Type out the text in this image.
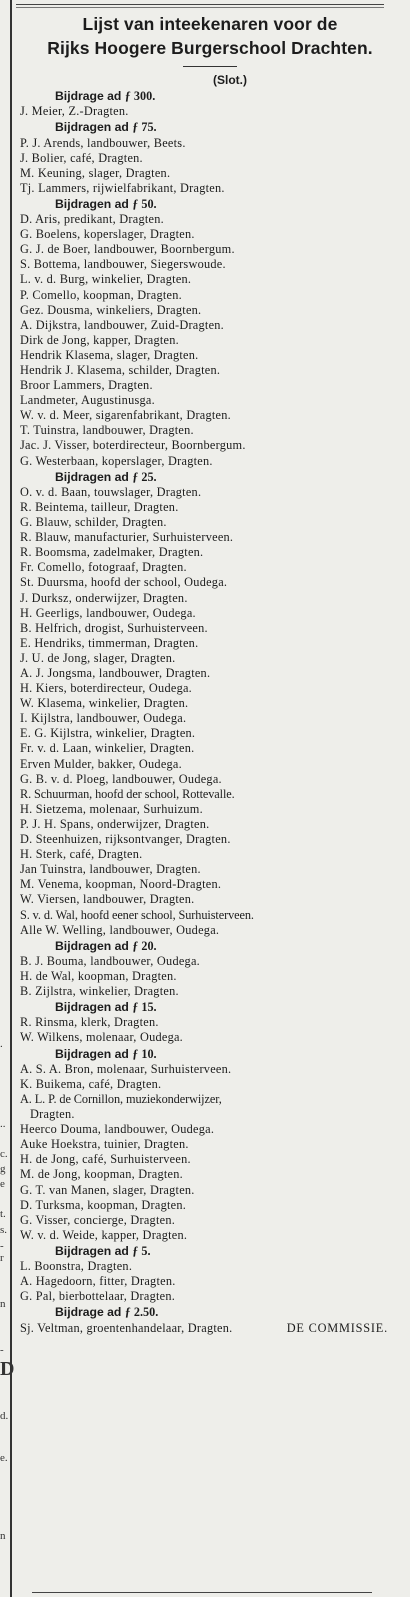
.
..
c.
g
e
t.
s.
-
r
n
-
D
d.
e.
n
Lijst van inteekenaren voor de
Rijks Hoogere Burgerschool Drachten.
(Slot.)
Bijdrage ad ƒ 300.
J. Meier, Z.-Dragten.
Bijdragen ad ƒ 75.
P. J. Arends, landbouwer, Beets.
J. Bolier, café, Dragten.
M. Keuning, slager, Dragten.
Tj. Lammers, rijwielfabrikant, Dragten.
Bijdragen ad ƒ 50.
D. Aris, predikant, Dragten.
G. Boelens, koperslager, Dragten.
G. J. de Boer, landbouwer, Boornbergum.
S. Bottema, landbouwer, Siegerswoude.
L. v. d. Burg, winkelier, Dragten.
P. Comello, koopman, Dragten.
Gez. Dousma, winkeliers, Dragten.
A. Dijkstra, landbouwer, Zuid-Dragten.
Dirk de Jong, kapper, Dragten.
Hendrik Klasema, slager, Dragten.
Hendrik J. Klasema, schilder, Dragten.
Broor Lammers, Dragten.
Landmeter, Augustinusga.
W. v. d. Meer, sigarenfabrikant, Dragten.
T. Tuinstra, landbouwer, Dragten.
Jac. J. Visser, boterdirecteur, Boornbergum.
G. Westerbaan, koperslager, Dragten.
Bijdragen ad ƒ 25.
O. v. d. Baan, touwslager, Dragten.
R. Beintema, tailleur, Dragten.
G. Blauw, schilder, Dragten.
R. Blauw, manufacturier, Surhuisterveen.
R. Boomsma, zadelmaker, Dragten.
Fr. Comello, fotograaf, Dragten.
St. Duursma, hoofd der school, Oudega.
J. Durksz, onderwijzer, Dragten.
H. Geerligs, landbouwer, Oudega.
B. Helfrich, drogist, Surhuisterveen.
E. Hendriks, timmerman, Dragten.
J. U. de Jong, slager, Dragten.
A. J. Jongsma, landbouwer, Dragten.
H. Kiers, boterdirecteur, Oudega.
W. Klasema, winkelier, Dragten.
I. Kijlstra, landbouwer, Oudega.
E. G. Kijlstra, winkelier, Dragten.
Fr. v. d. Laan, winkelier, Dragten.
Erven Mulder, bakker, Oudega.
G. B. v. d. Ploeg, landbouwer, Oudega.
R. Schuurman, hoofd der school, Rottevalle.
H. Sietzema, molenaar, Surhuizum.
P. J. H. Spans, onderwijzer, Dragten.
D. Steenhuizen, rijksontvanger, Dragten.
H. Sterk, café, Dragten.
Jan Tuinstra, landbouwer, Dragten.
M. Venema, koopman, Noord-Dragten.
W. Viersen, landbouwer, Dragten.
S. v. d. Wal, hoofd eener school, Surhuisterveen.
Alle W. Welling, landbouwer, Oudega.
Bijdragen ad ƒ 20.
B. J. Bouma, landbouwer, Oudega.
H. de Wal, koopman, Dragten.
B. Zijlstra, winkelier, Dragten.
Bijdragen ad ƒ 15.
R. Rinsma, klerk, Dragten.
W. Wilkens, molenaar, Oudega.
Bijdragen ad ƒ 10.
A. S. A. Bron, molenaar, Surhuisterveen.
K. Buikema, café, Dragten.
A. L. P. de Cornillon, muziekonderwijzer,
Dragten.
Heerco Douma, landbouwer, Oudega.
Auke Hoekstra, tuinier, Dragten.
H. de Jong, café, Surhuisterveen.
M. de Jong, koopman, Dragten.
G. T. van Manen, slager, Dragten.
D. Turksma, koopman, Dragten.
G. Visser, concierge, Dragten.
W. v. d. Weide, kapper, Dragten.
Bijdragen ad ƒ 5.
L. Boonstra, Dragten.
A. Hagedoorn, fitter, Dragten.
G. Pal, bierbottelaar, Dragten.
Bijdrage ad ƒ 2.50.
Sj. Veltman, groentenhandelaar, Dragten.	DE COMMISSIE.
